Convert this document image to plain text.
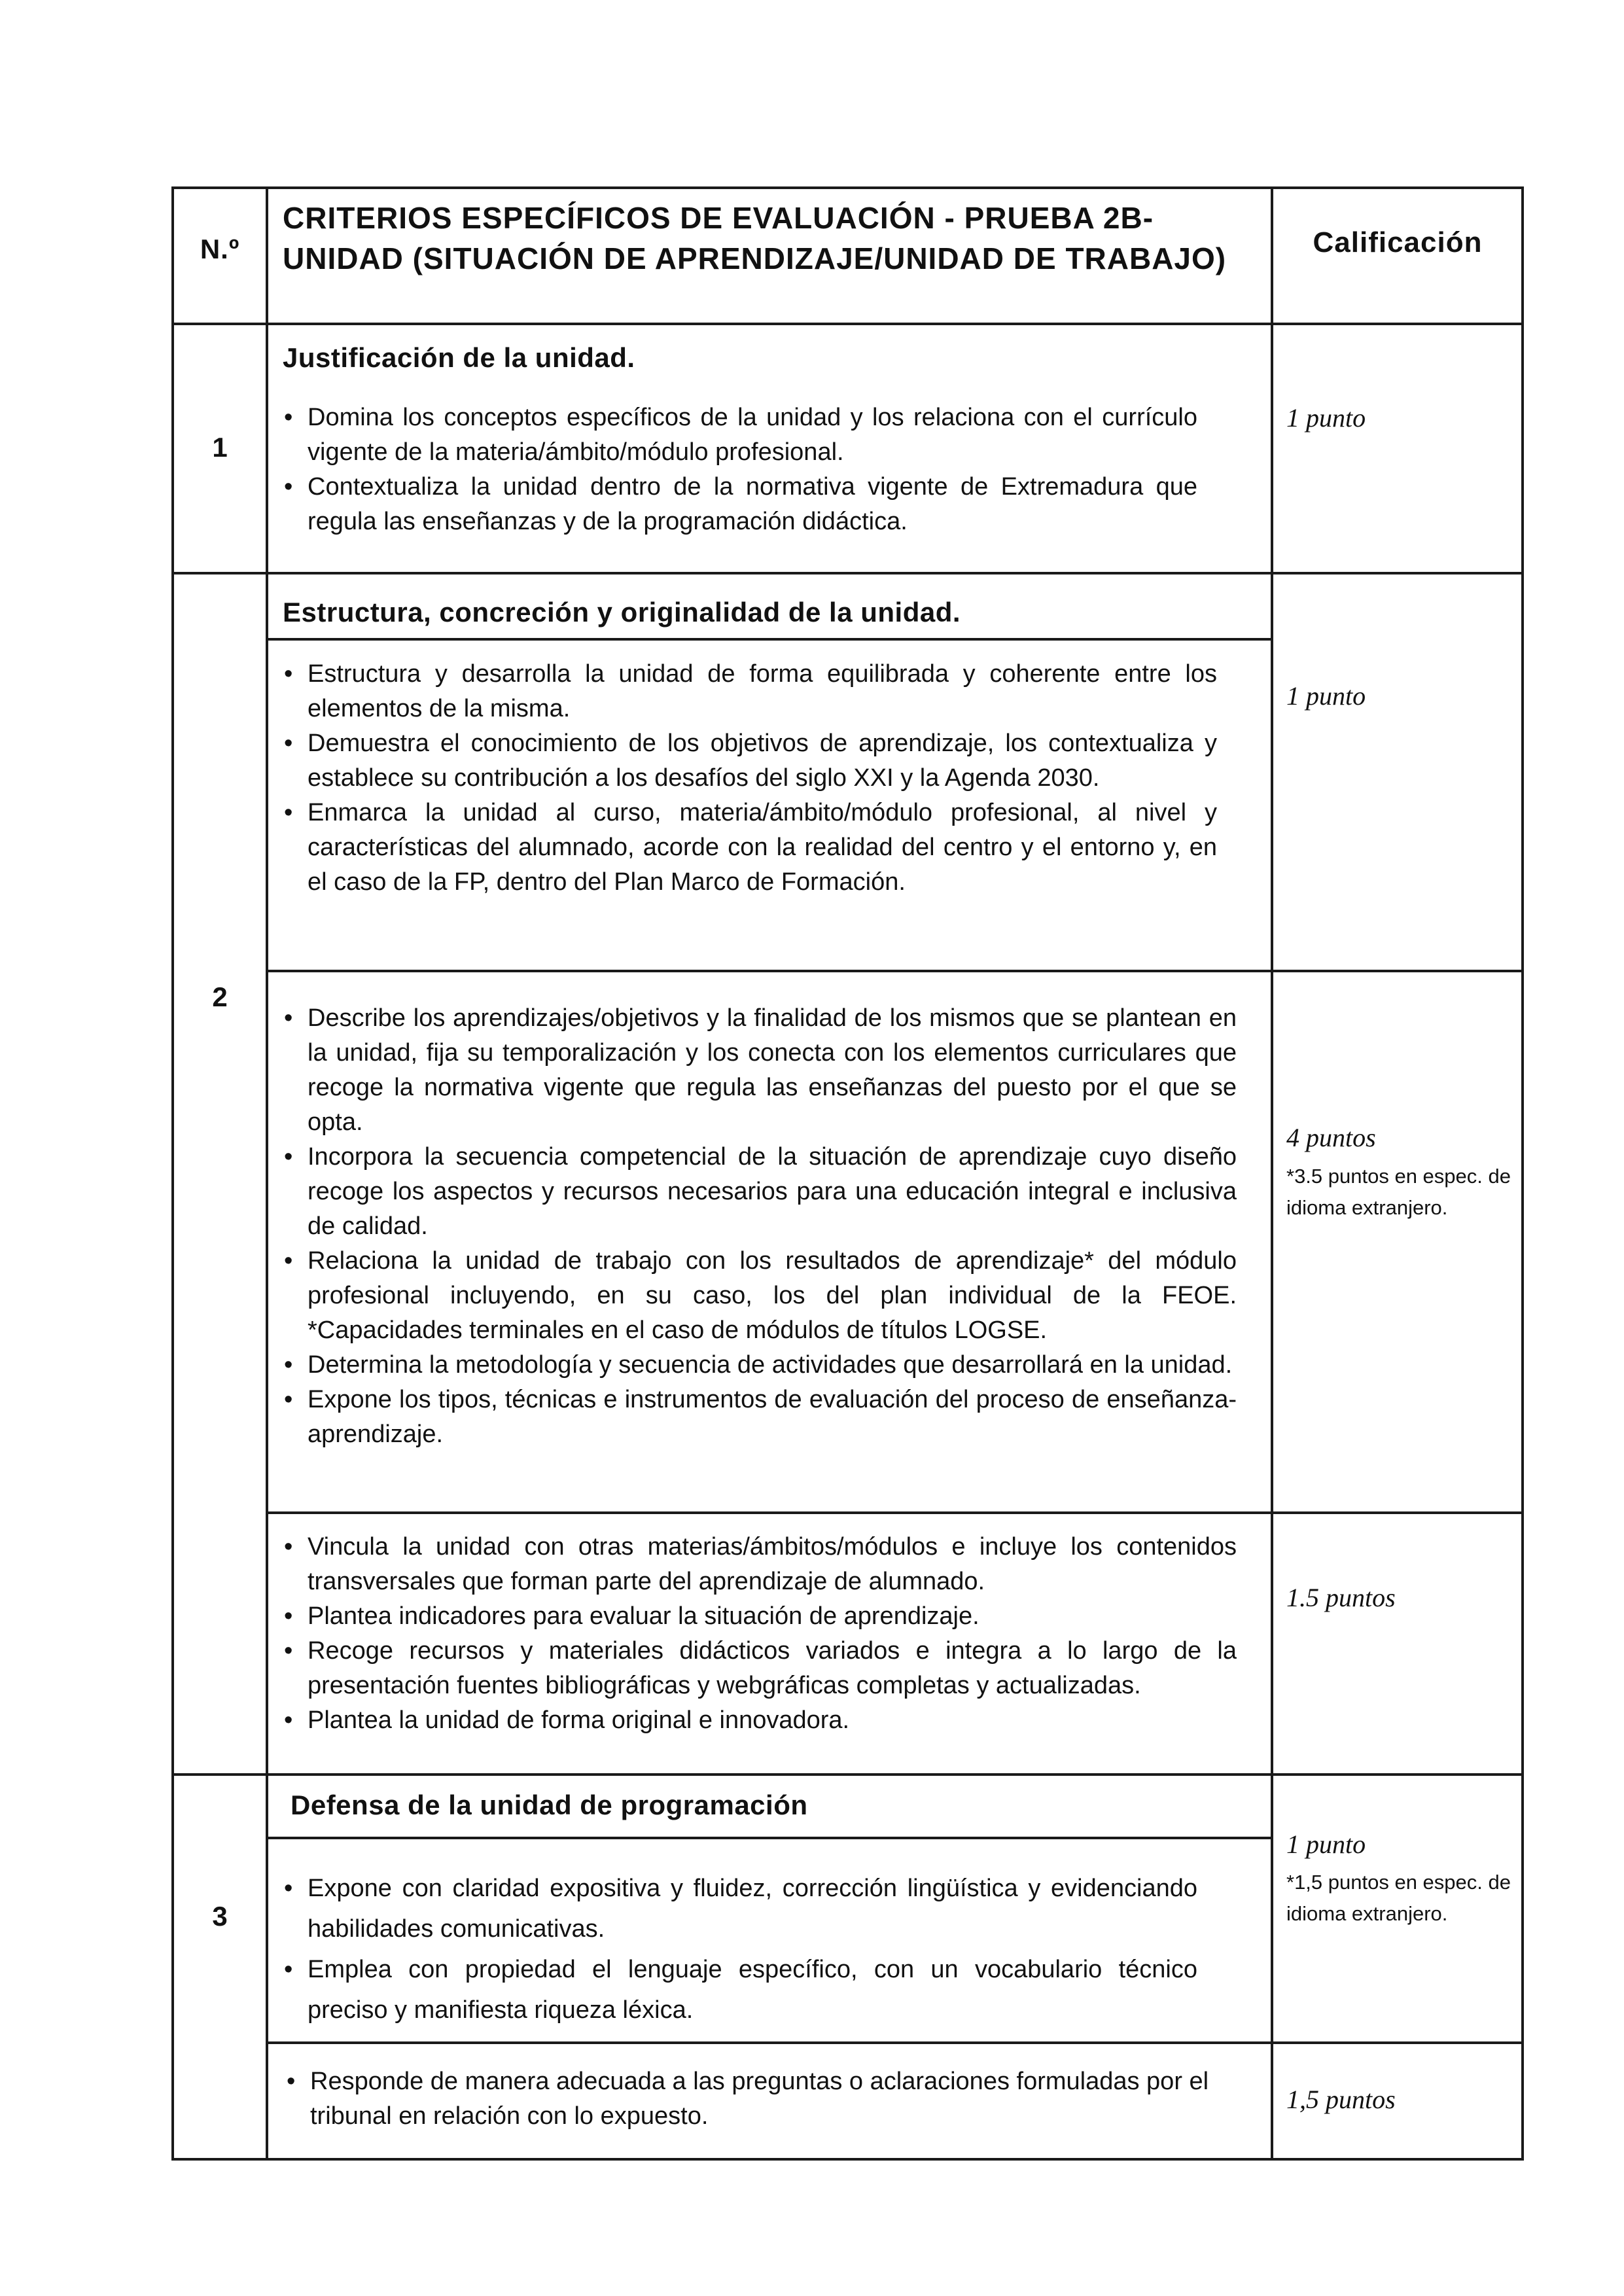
N.º
CRITERIOS ESPECÍFICOS DE EVALUACIÓN - PRUEBA 2B- UNIDAD (SITUACIÓN DE APRENDIZAJE/UNIDAD DE TRABAJO)	Calificación
1
Justificación de la unidad.
• Domina los conceptos específicos de la unidad y los relaciona con el currículo vigente de la materia/ámbito/módulo profesional.
• Contextualiza la unidad dentro de la normativa vigente de Extremadura que regula las enseñanzas y de la programación didáctica.
1 punto
2
Estructura, concreción y originalidad de la unidad.
• Estructura y desarrolla la unidad de forma equilibrada y coherente entre los elementos de la misma.
• Demuestra el conocimiento de los objetivos de aprendizaje, los contextualiza y establece su contribución a los desafíos del siglo XXI y la Agenda 2030.
• Enmarca la unidad al curso, materia/ámbito/módulo profesional, al nivel y características del alumnado, acorde con la realidad del centro y el entorno y, en el caso de la FP, dentro del Plan Marco de Formación.
1 punto
• Describe los aprendizajes/objetivos y la finalidad de los mismos que se plantean en la unidad, fija su temporalización y los conecta con los elementos curriculares que recoge la normativa vigente que regula las enseñanzas del puesto por el que se opta.
• Incorpora la secuencia competencial de la situación de aprendizaje cuyo diseño recoge los aspectos y recursos necesarios para una educación integral e inclusiva de calidad.
• Relaciona la unidad de trabajo con los resultados de aprendizaje* del módulo profesional incluyendo, en su caso, los del plan individual de la FEOE. *Capacidades terminales en el caso de módulos de títulos LOGSE.
• Determina la metodología y secuencia de actividades que desarrollará en la unidad.
• Expone los tipos, técnicas e instrumentos de evaluación del proceso de enseñanza-aprendizaje.
4 puntos
*3.5 puntos en espec. de idioma extranjero.
• Vincula la unidad con otras materias/ámbitos/módulos e incluye los contenidos transversales que forman parte del aprendizaje de alumnado.
• Plantea indicadores para evaluar la situación de aprendizaje.
• Recoge recursos y materiales didácticos variados e integra a lo largo de la presentación fuentes bibliográficas y webgráficas completas y actualizadas.
• Plantea la unidad de forma original e innovadora.
1.5 puntos
3
Defensa de la unidad de programación
• Expone con claridad expositiva y fluidez, corrección lingüística y evidenciando habilidades comunicativas.
• Emplea con propiedad el lenguaje específico, con un vocabulario técnico preciso y manifiesta riqueza léxica.
1 punto
*1,5 puntos en espec. de idioma extranjero.
• Responde de manera adecuada a las preguntas o aclaraciones formuladas por el tribunal en relación con lo expuesto.
1,5 puntos
